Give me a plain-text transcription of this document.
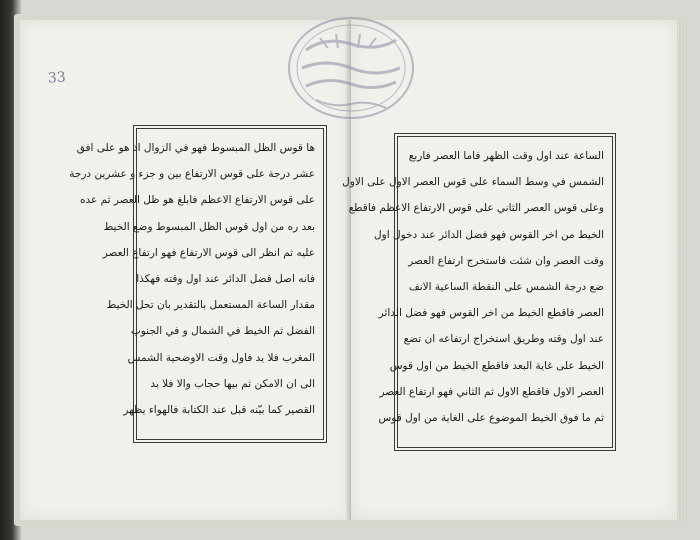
33
ها قوس الظل المبسوط فهو في الزوال اذ هو على افق
عشر درجة على قوس الارتفاع بين و جزء و عشرين درجة
على قوس الارتفاع الاعظم فابلغ هو ظل العصر ثم عده
بعد ره من اول قوس الظل المبسوط وضع الخيط
عليه ثم انظر الى قوس الارتفاع فهو ارتفاع العصر
فانه اصل فضل الدائر عند اول وقته فهكذا
مقدار الساعة المستعمل بالتقدير بان تحل الخيط
الفضل ثم الخيط في الشمال و في الجنوب
المغرب فلا يد فاول وقت الاوضحية الشمس
الى ان الامكن ثم بيها حجاب والا فلا بد
القصير كما بيّنه قبل عند الكتابة فالهواء يظهر
الساعة عند اول وقت الظهر فاما العصر فاربع
الشمس في وسط السماء على قوس العصر الاول على الاول
وعلى قوس العصر الثاني على قوس الارتفاع الاعظم فاقطع
الخيط من اخر القوس فهو فضل الدائر عند دخول اول
وقت العصر وان شئت فاستخرج ارتفاع العصر
ضع درجة الشمس على النقطة الساعية الانف
العصر فاقطع الخيط من اخر القوس فهو فضل الدائر
عند اول وقته وطريق استخراج ارتفاعه ان تضع
الخيط على غاية البعد فاقطع الخيط من اول قوس
العصر الاول فاقطع الاول ثم الثاني فهو ارتفاع العصر
ثم ما فوق الخيط الموضوع على الغاية من اول قوس
